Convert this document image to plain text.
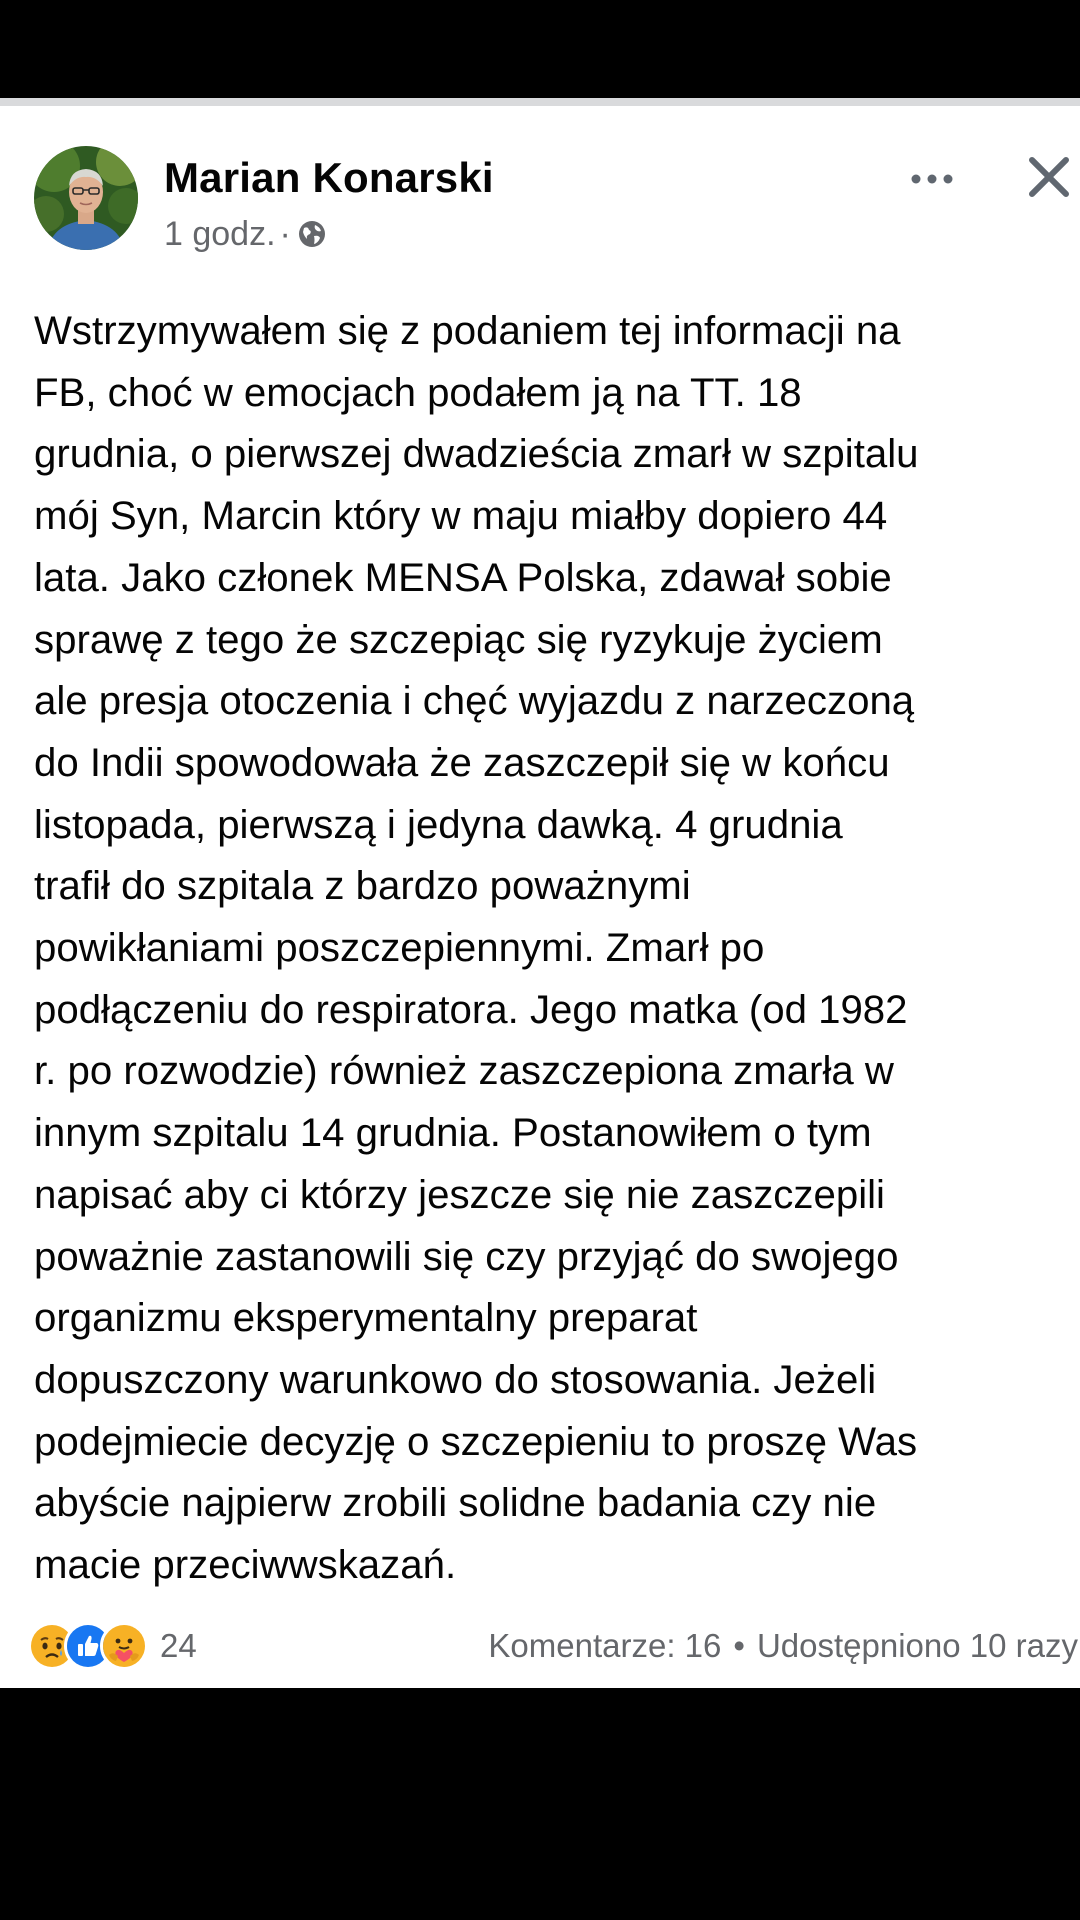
Marian Konarski
1 godz. ·
Wstrzymywałem się z podaniem tej informacji na
FB, choć w emocjach podałem ją na TT. 18
grudnia, o pierwszej dwadzieścia zmarł w szpitalu
mój Syn, Marcin który w maju miałby dopiero 44
lata. Jako członek MENSA Polska, zdawał sobie
sprawę z tego że szczepiąc się ryzykuje życiem
ale presja otoczenia i chęć wyjazdu z narzeczoną
do Indii spowodowała że zaszczepił się w końcu
listopada, pierwszą i jedyna dawką. 4 grudnia
trafił do szpitala z bardzo poważnymi
powikłaniami poszczepiennymi. Zmarł po
podłączeniu do respiratora. Jego matka (od 1982
r. po rozwodzie) również zaszczepiona zmarła w
innym szpitalu 14 grudnia. Postanowiłem o tym
napisać aby ci którzy jeszcze się nie zaszczepili
poważnie zastanowili się czy przyjąć do swojego
organizmu eksperymentalny preparat
dopuszczony warunkowo do stosowania. Jeżeli
podejmiecie decyzję o szczepieniu to proszę Was
abyście najpierw zrobili solidne badania czy nie
macie przeciwwskazań.
24	Komentarze: 16 • Udostępniono 10 razy
